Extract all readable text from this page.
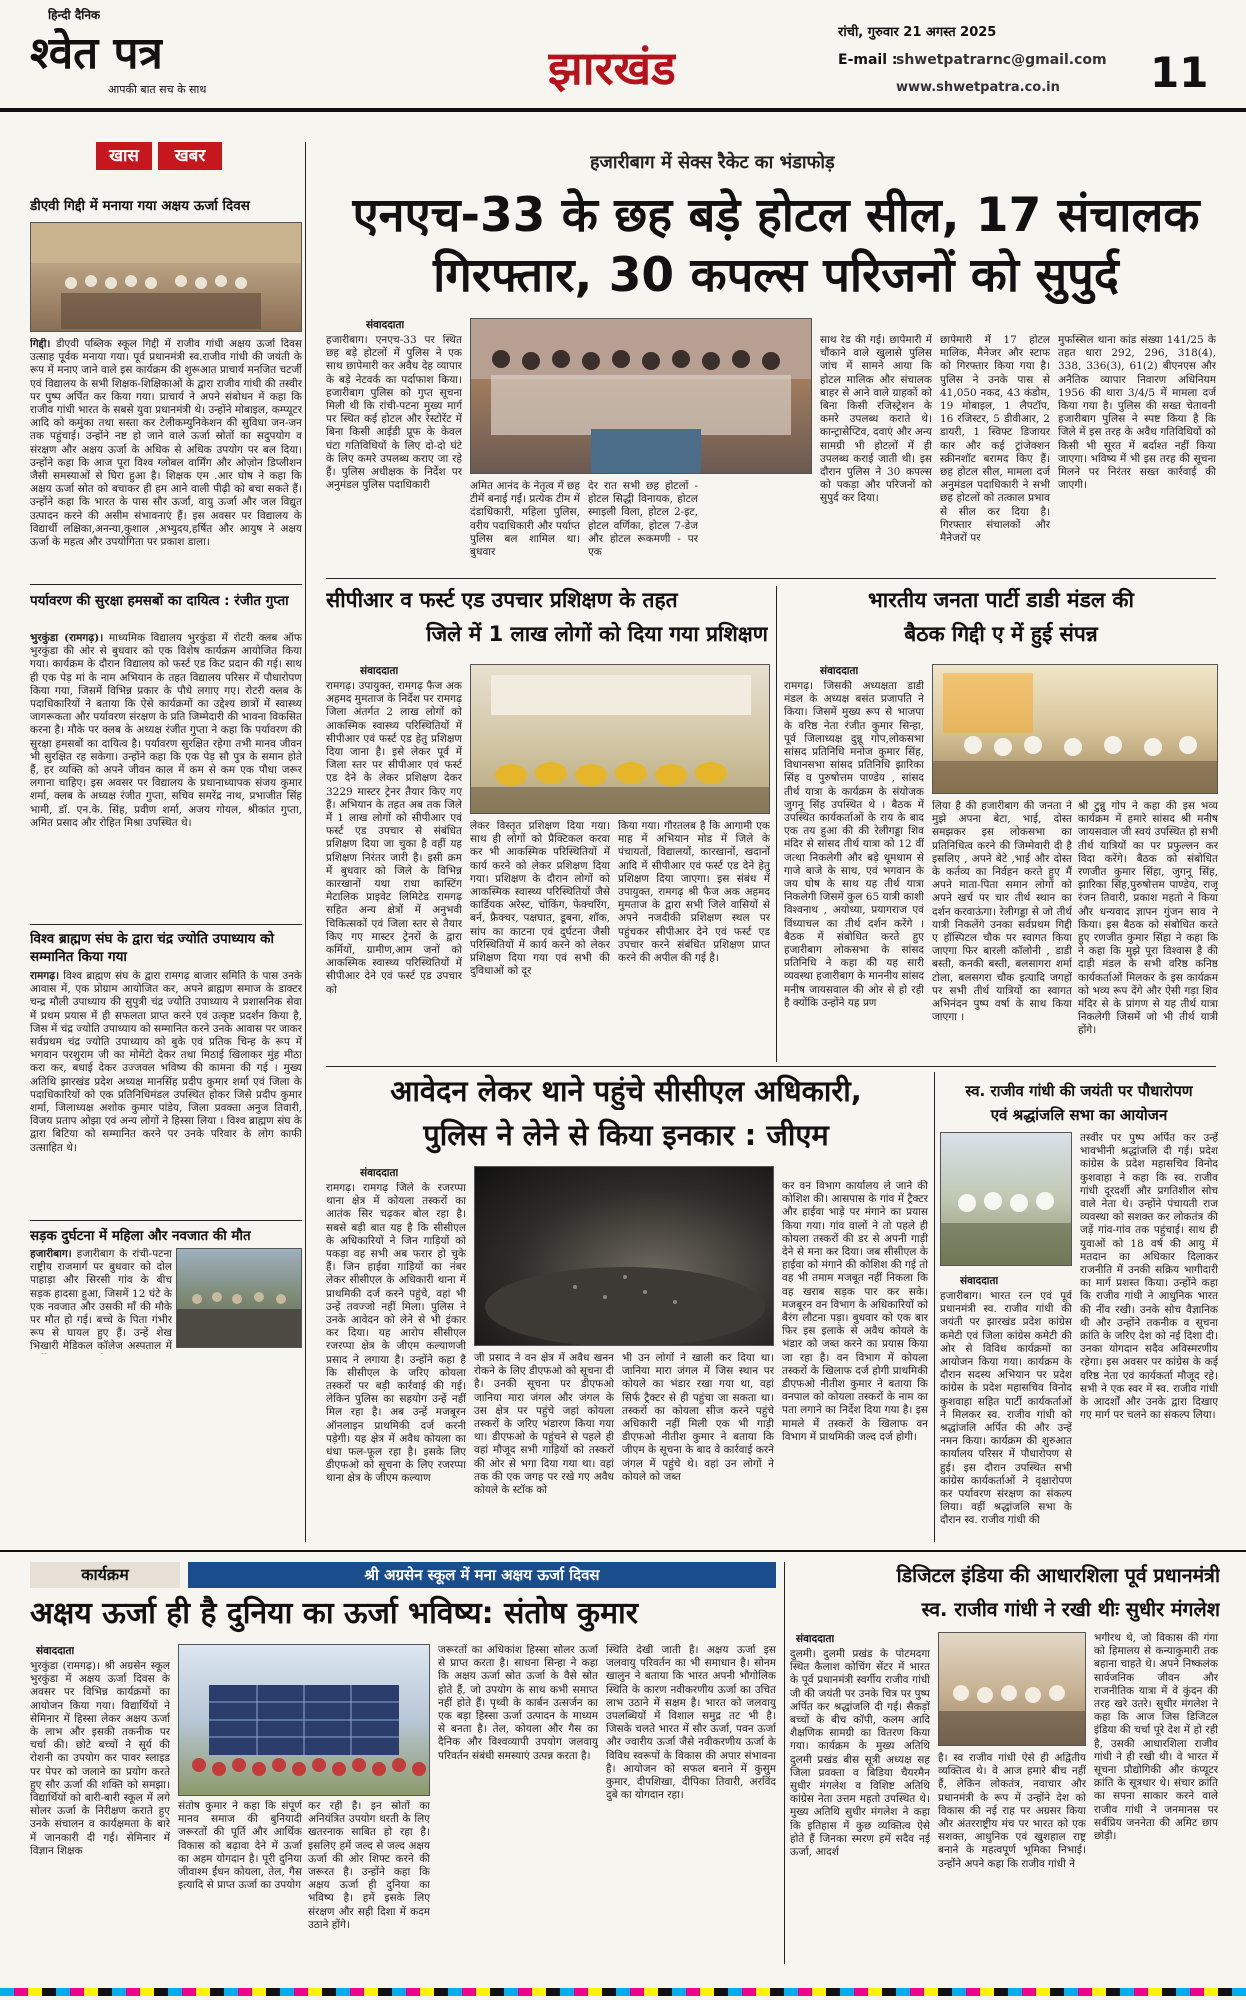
हिन्दी दैनिक
श्वेत पत्र
आपकी बात सच के साथ	झारखंड
रांची, गुरुवार 21 अगस्त 2025
E-mail :
shwetpatrarnc@gmail.com
www.shwetpatra.co.in 11
खास	खबर
डीएवी गिद्दी में मनाया गया अक्षय ऊर्जा दिवस
गिद्दी। डीएवी पब्लिक स्कूल गिद्दी में राजीव गांधी अक्षय ऊर्जा दिवस उत्साह पूर्वक मनाया गया। पूर्व प्रधानमंत्री स्व.राजीव गांधी की जयंती के रूप में मनाए जाने वाले इस कार्यक्रम की शुरूआत प्राचार्य मनजित चटर्जी एवं विद्यालय के सभी शिक्षक-शिक्षिकाओं के द्वारा राजीव गांधी की तस्वीर पर पुष्प अर्पित कर किया गया। प्राचार्य ने अपने संबोधन में कहा कि राजीव गांधी भारत के सबसे युवा प्रधानमंत्री थे। उन्होंने मोबाइल, कम्प्यूटर आदि को कमुंका तथा सस्ता कर टेलीकम्युनिकेशन की सुविधा जन-जन तक पहुंचाई। उन्होंने नष्ट हो जाने वाले ऊर्जा स्रोतों का सदुपयोग व संरक्षण और अक्षय ऊर्जा के अधिक से अधिक उपयोग पर बल दिया। उन्होंने कहा कि आज पूरा विश्व ग्लोबल वार्मिंग और ओज़ोन डिप्लीशन जैसी समस्याओं से घिरा हुआ है। शिक्षक एम .आर घोष ने कहा कि अक्षय ऊर्जा स्रोत को बचाकर ही हम आने वाली पीढ़ी को बचा सकते हैं। उन्होंने कहा कि भारत के पास सौर ऊर्जा, वायु ऊर्जा और जल विद्युत उत्पादन करने की असीम संभावनाएं हैं। इस अवसर पर विद्यालय के विद्यार्थी लक्षिका,अनन्या,कुशाल ,अभ्युदय,हर्षित और आयुष ने अक्षय ऊर्जा के महत्व और उपयोगिता पर प्रकाश डाला।
पर्यावरण की सुरक्षा हमसबों का दायित्व : रंजीत गुप्ता
भुरकुंडा (रामगढ़)। माध्यमिक विद्यालय भुरकुंडा में रोटरी क्लब ऑफ भुरकुंडा की ओर से बुधवार को एक विशेष कार्यक्रम आयोजित किया गया। कार्यक्रम के दौरान विद्यालय को फर्स्ट एड किट प्रदान की गई। साथ ही एक पेड़ मां के नाम अभियान के तहत विद्यालय परिसर में पौधारोपण किया गया, जिसमें विभिन्न प्रकार के पौधे लगाए गए। रोटरी क्लब के पदाधिकारियों ने बताया कि ऐसे कार्यक्रमों का उद्देश्य छात्रों में स्वास्थ्य जागरूकता और पर्यावरण संरक्षण के प्रति जिम्मेदारी की भावना विकसित करना है। मौके पर क्लब के अध्यक्ष रंजीत गुप्ता ने कहा कि पर्यावरण की सुरक्षा हमसबों का दायित्व है। पर्यावरण सुरक्षित रहेगा तभी मानव जीवन भी सुरक्षित रह सकेगा। उन्होंने कहा कि एक पेड़ सौ पुत्र के समान होते हैं, हर व्यक्ति को अपने जीवन काल में कम से कम एक पौधा जरूर लगाना चाहिए। इस अवसर पर विद्यालय के प्रधानाध्यापक संजय कुमार शर्मा, क्लब के अध्यक्ष रंजीत गुप्ता, सचिव समरेंद्र नाथ, प्रभाजीत सिंह भामी, डॉ. एन.के. सिंह, प्रवीण शर्मा, अजय गोयल, श्रीकांत गुप्ता, अमित प्रसाद और रोहित मिश्रा उपस्थित थे।
विश्व ब्राह्मण संघ के द्वारा चंद्र ज्योति उपाध्याय को सम्मानित किया गया
रामगढ़। विश्व ब्राह्मण संघ के द्वारा रामगढ़ बाजार समिति के पास उनके आवास में, एक प्रोग्राम आयोजित कर, अपने ब्राह्मण समाज के डाक्टर चन्द्र मौली उपाध्याय की सुपुत्री चंद्र ज्योति उपाध्याय ने प्रशासनिक सेवा में प्रथम प्रयास में ही सफलता प्राप्त करने एवं उत्कृष्ट प्रदर्शन किया है, जिस में चंद्र ज्योति उपाध्याय को सम्मानित करने उनके आवास पर जाकर सर्वप्रथम चंद्र ज्योति उपाध्याय को बुके एवं प्रतिक चिन्ह के रूप में भगवान परशुराम जी का मोमेंटो देकर तथा मिठाई खिलाकर मुंह मीठा करा कर, बधाई देकर उज्जवल भविष्य की कामना की गई । मुख्य अतिथि झारखंड प्रदेश अध्यक्ष मानसिंह प्रदीप कुमार शर्मा एवं जिला के पदाधिकारियों को एक प्रतिनिधिमंडल उपस्थित होकर जिसे प्रदीप कुमार शर्मा, जिलाध्यक्ष अशोक कुमार पांडेय, जिला प्रवक्ता अनुज तिवारी, विजय प्रताप ओझा एवं अन्य लोगों ने हिस्सा लिया । विश्व ब्राह्मण संघ के द्वारा बिटिया को सम्मानित करने पर उनके परिवार के लोग काफी उत्साहित थे।
सड़क दुर्घटना में महिला और नवजात की मौत
हजारीबाग। हजारीबाग के रांची-पटना राष्ट्रीय राजमार्ग पर बुधवार को दोल पाहाड़ा और सिरसी गांव के बीच सड़क हादसा हुआ, जिसमें 12 घंटे के एक नवजात और उसकी माँ की मौके पर मौत हो गई। बच्चे के पिता गंभीर रूप से घायल हुए हैं। उन्हें शेख भिखारी मेडिकल कॉलेज अस्पताल में
हजारीबाग में सेक्स रैकेट का भंडाफोड़
एनएच-33 के छह बड़े होटल सील, 17 संचालक
गिरफ्तार, 30 कपल्स परिजनों को सुपुर्द
संवाददाता
हजारीबाग। एनएच-33 पर स्थित छह बड़े होटलों में पुलिस ने एक साथ छापेमारी कर अवैध देह व्यापार के बड़े नेटवर्क का पर्दाफाश किया। हजारीबाग पुलिस को गुप्त सूचना मिली थी कि रांची-पटना मुख्य मार्ग पर स्थित कई होटल और रेस्टोरेंट में बिना किसी आईडी प्रूफ के केवल घंटा गतिविधियों के लिए दो-दो घंटे के लिए कमरे उपलब्ध कराए जा रहे हैं। पुलिस अधीक्षक के निर्देश पर अनुमंडल पुलिस पदाधिकारी	अमित आनंद के नेतृत्व में छह टीमें बनाई गईं। प्रत्येक टीम में दंडाधिकारी, महिला पुलिस, वरीय पदाधिकारी और पर्याप्त पुलिस बल शामिल था। बुधवार
देर रात सभी छह होटलों - होटल सिद्धी विनायक, होटल स्माइली विला, होटल 2-इट, होटल वर्णिका, होटल 7-डेज और होटल रूकमणी - पर एक
साथ रेड की गई। छापेमारी में चौंकाने वाले खुलासे पुलिस जांच में सामने आया कि होटल मालिक और संचालक बाहर से आने वाले ग्राहकों को बिना किसी रजिस्ट्रेशन के कमरे उपलब्ध कराते थे। कान्ट्रासेप्टिव, दवाएं और अन्य सामग्री भी होटलों में ही उपलब्ध कराई जाती थी। इस दौरान पुलिस ने 30 कपल्स को पकड़ा और परिजनों को सुपुर्द कर दिया।
छापेमारी में 17 होटल मालिक, मैनेजर और स्टाफ को गिरफ्तार किया गया है। पुलिस ने उनके पास से 41,050 नकद, 43 कंडोम, 19 मोबाइल, 1 लैपटॉप, 16 रजिस्टर, 5 डीवीआर, 2 डायरी, 1 स्विफ्ट डिजायर कार और कई ट्रांजेक्शन स्क्रीनशॉट बरामद किए हैं। छह होटल सील, मामला दर्ज अनुमंडल पदाधिकारी ने सभी छह होटलों को तत्काल प्रभाव से सील कर दिया है। गिरफ्तार संचालकों और मैनेजरों पर
मुफस्सिल थाना कांड संख्या 141/25 के तहत धारा 292, 296, 318(4), 338, 336(3), 61(2) बीएनएस और अनैतिक व्यापार निवारण अधिनियम 1956 की धारा 3/4/5 में मामला दर्ज किया गया है। पुलिस की सख्त चेतावनी हजारीबाग पुलिस ने स्पष्ट किया है कि जिले में इस तरह के अवैध गतिविधियों को किसी भी सूरत में बर्दाश्त नहीं किया जाएगा। भविष्य में भी इस तरह की सूचना मिलने पर निरंतर सख्त कार्रवाई की जाएगी।
सीपीआर व फर्स्ट एड उपचार प्रशिक्षण के तहत
जिले में 1 लाख लोगों को दिया गया प्रशिक्षण
संवाददाता
रामगढ़। उपायुक्त, रामगढ़ फैज अक अहमद मुमताज के निर्देश पर रामगढ़ जिला अंतर्गत 2 लाख लोगों को आकस्मिक स्वास्थ्य परिस्थितियों में सीपीआर एवं फर्स्ट एड हेतु प्रशिक्षण दिया जाना है। इसे लेकर पूर्व में जिला स्तर पर सीपीआर एवं फर्स्ट एड देने के लेकर प्रशिक्षण देकर 3229 मास्टर ट्रेनर तैयार किए गए हैं। अभियान के तहत अब तक जिले में 1 लाख लोगों को सीपीआर एवं फर्स्ट एड उपचार से संबंधित प्रशिक्षण दिया जा चुका है वहीं यह प्रशिक्षण निरंतर जारी है। इसी क्रम में बुधवार को जिले के विभिन्न कारखानों यथा राधा कास्टिंग मेटालिक प्राइवेट लिमिटेड रामगढ़ सहित अन्य क्षेत्रों में अनुभवी चिकित्सकों एवं जिला स्तर से तैयार किए गए मास्टर ट्रेनरों के द्वारा कर्मियों, ग्रामीण,आम जनों को आकस्मिक स्वास्थ्य परिस्थितियों में सीपीआर देने एवं फर्स्ट एड उपचार को
लेकर विस्तृत प्रशिक्षण दिया गया। साथ ही लोगों को प्रैक्टिकल करवा कर भी आकस्मिक परिस्थितियों में कार्य करने को लेकर प्रशिक्षण दिया गया। प्रशिक्षण के दौरान लोगों को आकस्मिक स्वास्थ्य परिस्थितियों जैसे कार्डियक अरेस्ट, चोकिंग, फेक्चरिंग, बर्न, फ्रैक्चर, पक्षघात, डूबना, शॉक, सांप का काटना एवं दुर्घटना जैसी परिस्थितियों में कार्य करने को लेकर प्रशिक्षण दिया गया एवं सभी की दुविधाओं को दूर
किया गया। गौरतलब है कि आगामी एक माह में अभियान मोड में जिले के पंचायतों, विद्यालयों, कारखानों, खदानों आदि में सीपीआर एवं फर्स्ट एड देने हेतु प्रशिक्षण दिया जाएगा। इस संबंध में उपायुक्त, रामगढ़ श्री फैज अक अहमद मुमताज के द्वारा सभी जिले वासियों से अपने नजदीकी प्रशिक्षण स्थल पर पहुंचकर सीपीआर देने एवं फर्स्ट एड उपचार करने संबंधित प्रशिक्षण प्राप्त करने की अपील की गई है।
भारतीय जनता पार्टी डाडी मंडल की
बैठक गिद्दी ए में हुई संपन्न
संवाददाता
रामगढ़। जिसकी अध्यक्षता डाडी मंडल के अध्यक्ष बसंत प्रजापति ने किया। जिसमें मुख्य रूप से भाजपा के वरिष्ठ नेता रंजीत कुमार सिन्हा, पूर्व जिलाध्यक्ष दुन्नू गोप,लोकसभा सांसद प्रतिनिधि मनोज कुमार सिंह, विधानसभा सांसद प्रतिनिधि झारिका सिंह व पुरुषोत्तम पाण्डेय , सांसद तीर्थ यात्रा के कार्यक्रम के संयोजक जुगनू सिंह उपस्थित थे । बैठक में उपस्थित कार्यकर्ताओं के राय के बाद एक तय हुआ की की रेलीगड्डा शिव मंदिर से सांसद तीर्थ यात्रा को 12 वीं जत्था निकलेगी और बड़े धूमधाम से गाजे बाजे के साथ, एवं भगवान के जय घोष के साथ यह तीर्थ यात्रा निकलेगी जिसमें कुल 65 यात्री काशी विश्वनाथ , अयोध्या, प्रयागराज एवं विंध्याचल का तीर्थ दर्शन करेंगे । बैठक में संबोधित करते हुए हजारीबाग लोकसभा के सांसद प्रतिनिधि ने कहा की यह सारी व्यवस्था हजारीबाग के माननीय सांसद मनीष जायसवाल की ओर से हो रही है क्योंकि उन्होंने यह प्रण
लिया है की हजारीबाग की जनता ने मुझे अपना बेटा, भाई, दोस्त समझकर इस लोकसभा का प्रतिनिधित्व करने की जिम्मेवारी दी है इसलिए , अपने बेटे ,भाई और दोस्त के कर्तव्य का निर्वहन करते हुए मैं अपने माता-पिता समान लोगों को अपने खर्च पर चार तीर्थ स्थान का दर्शन करवाऊंगा। रेलीगड्डा से जो तीर्थ यात्री निकलेंगे उनका सर्वप्रथम गिद्दी ए हॉस्पिटल चौक पर स्वागत किया जाएगा फिर बारली कॉलोनी , डाडी बस्ती, कनकी बस्ती, बलसागरा शर्मा टोला, बलसगरा चौक इत्यादि जगहों पर सभी तीर्थ यात्रियों का स्वागत अभिनंदन पुष्प वर्षा के साथ किया जाएगा ।
श्री टुन्नु गोप ने कहा की इस भव्य कार्यक्रम में हमारे सांसद श्री मनीष जायसवाल जी स्वयं उपस्थित हो सभी तीर्थ यात्रियों का पर प्रफुल्लन कर विदा करेंगे। बैठक को संबोधित रणजीत कुमार सिंहा, जुगनू सिंह, झारिका सिंह,पुरुषोत्तम पाण्डेय, राजू रंजन तिवारी, प्रकाश महतो ने किया और धन्यवाद ज्ञापन गुंजन साव ने किया। इस बैठक को संबोधित करते हुए रणजीत कुमार सिंहा ने कहा कि ने कहा कि मुझे पूरा विश्वास है की दाड़ी मंडल के सभी वरिष्ठ कनिष्ठ कार्यकर्ताओं मिलकर के इस कार्यक्रम को भव्य रूप देंगे और ऐसी गड़ा शिव मंदिर से के प्रांगण से यह तीर्थ यात्रा निकलेगी जिसमें जो भी तीर्थ यात्री होंगे।
आवेदन लेकर थाने पहुंचे सीसीएल अधिकारी,
पुलिस ने लेने से किया इनकार : जीएम
संवाददाता
रामगढ़। रामगढ़ जिले के रजरप्पा थाना क्षेत्र में कोयला तस्करों का आतंक सिर चढ़कर बोल रहा है। सबसे बड़ी बात यह है कि सीसीएल के अधिकारियों ने जिन गाड़ियों को पकड़ा वह सभी अब फरार हो चुके हैं। जिन हाईवा गाड़ियों का नंबर लेकर सीसीएल के अधिकारी थाना में प्राथमिकी दर्ज करने पहुंचे, वहां भी उन्हें तवज्जो नहीं मिला। पुलिस ने उनके आवेदन को लेने से भी इंकार कर दिया। यह आरोप सीसीएल रजरप्पा क्षेत्र के जीएम कल्याणजी प्रसाद ने लगाया है। उन्होंने कहा है कि सीसीएल के जरिए कोयला तस्करों पर बड़ी कार्रवाई की गई। लेकिन पुलिस का सहयोग उन्हें नहीं मिल रहा है। अब उन्हें मजबूरन ऑनलाइन प्राथमिकी दर्ज करनी पड़ेगी। यह क्षेत्र में अवैध कोयला का धंधा फल-फूल रहा है। इसके लिए डीएफओ को सूचना के लिए रजरप्पा थाना क्षेत्र के जीएम कल्याण
जी प्रसाद ने वन क्षेत्र में अवैध खनन रोकने के लिए डीएफओ को सूचना दी है। उनकी सूचना पर डीएफओ जानिया मारा जंगल और जंगल के उस क्षेत्र पर पहुंचे जहां कोयला तस्करों के जरिए भंडारण किया गया था। डीएफओ के पहुंचने से पहले ही वहां मौजूद सभी गाड़ियों को तस्करों की ओर से भगा दिया गया था। वहां तक की एक जगह पर रखे गए अवैध कोयले के स्टॉक को
भी उन लोगों ने खाली कर दिया था। जानिया मारा जंगल में जिस स्थान पर कोयले का भंडार रखा गया था, वहां सिर्फ ट्रैक्टर से ही पहुंचा जा सकता था। तस्करों का कोयला सीज करने पहुंचे अधिकारी नहीं मिली एक भी गाड़ी डीएफओ नीतीश कुमार ने बताया कि जीएम के सूचना के बाद वे कार्रवाई करने जंगल में पहुंचे थे। वहां उन लोगों ने कोयले को जब्त
कर वन विभाग कार्यालय ले जाने की कोशिश की। आसपास के गांव में ट्रैक्टर और हाईवा भाड़े पर मंगाने का प्रयास किया गया। गांव वालों ने तो पहले ही कोयला तस्करों की डर से अपनी गाड़ी देने से मना कर दिया। जब सीसीएल के हाईवा को मंगाने की कोशिश की गई तो वह भी तमाम मजबूत नहीं निकला कि वह खराब सड़क पार कर सके। मजबूरन वन विभाग के अधिकारियों को बैरंग लौटना पड़ा। बुधवार को एक बार फिर इस इलाके से अवैध कोयले के भंडार को जब्त करने का प्रयास किया जा रहा है। वन विभाग में कोयला तस्करों के खिलाफ दर्ज होगी प्राथमिकी डीएफओ नीतीश कुमार ने बताया कि वनपाल को कोयला तस्करों के नाम का पता लगाने का निर्देश दिया गया है। इस मामले में तस्करों के खिलाफ वन विभाग में प्राथमिकी जल्द दर्ज होगी।
स्व. राजीव गांधी की जयंती पर पौधारोपण
एवं श्रद्धांजलि सभा का आयोजन
संवाददाता
हजारीबाग। भारत रत्न एवं पूर्व प्रधानमंत्री स्व. राजीव गांधी की जयंती पर झारखंड प्रदेश कांग्रेस कमेटी एवं जिला कांग्रेस कमेटी की ओर से विविध कार्यक्रमों का आयोजन किया गया। कार्यक्रम के दौरान सदस्य अभियान पर प्रदेश कांग्रेस के प्रदेश महासचिव विनोद कुशवाहा सहित पार्टी कार्यकर्ताओं ने मिलकर स्व. राजीव गांधी को श्रद्धांजलि अर्पित की और उन्हें नमन किया। कार्यक्रम की शुरुआत कार्यालय परिसर में पौधारोपण से हुई। इस दौरान उपस्थित सभी कांग्रेस कार्यकर्ताओं ने वृक्षारोपण कर पर्यावरण संरक्षण का संकल्प लिया। वहीं श्रद्धांजलि सभा के दौरान स्व. राजीव गांधी की
तस्वीर पर पुष्प अर्पित कर उन्हें भावभीनी श्रद्धांजलि दी गई। प्रदेश कांग्रेस के प्रदेश महासचिव विनोद कुशवाहा ने कहा कि स्व. राजीव गांधी दूरदर्शी और प्रगतिशील सोच वाले नेता थे। उन्होंने पंचायती राज व्यवस्था को सशक्त कर लोकतंत्र की जड़ें गांव-गांव तक पहुंचाई। साथ ही युवाओं को 18 वर्ष की आयु में मतदान का अधिकार दिलाकर राजनीति में उनकी सक्रिय भागीदारी का मार्ग प्रशस्त किया। उन्होंने कहा कि राजीव गांधी ने आधुनिक भारत की नींव रखी। उनके सोच वैज्ञानिक थी और उन्होंने तकनीक व सूचना क्रांति के जरिए देश को नई दिशा दी। उनका योगदान सदैव अविस्मरणीय रहेगा। इस अवसर पर कांग्रेस के कई वरिष्ठ नेता एवं कार्यकर्ता मौजूद रहे। सभी ने एक स्वर में स्व. राजीव गांधी के आदर्शों और उनके द्वारा दिखाए गए मार्ग पर चलने का संकल्प लिया।
कार्यक्रम	श्री अग्रसेन स्कूल में मना अक्षय ऊर्जा दिवस
अक्षय ऊर्जा ही है दुनिया का ऊर्जा भविष्य: संतोष कुमार
संवाददाता
भुरकुंडा (रामगढ़)। श्री अग्रसेन स्कूल भुरकुंडा में अक्षय ऊर्जा दिवस के अवसर पर विभिन्न कार्यक्रमों का आयोजन किया गया। विद्यार्थियों ने सेमिनार में हिस्सा लेकर अक्षय ऊर्जा के लाभ और इसकी तकनीक पर चर्चा की। छोटे बच्चों ने सूर्य की रोशनी का उपयोग कर पावर स्लाइड पर पेपर को जलाने का प्रयोग करते हुए सौर ऊर्जा की शक्ति को समझा। विद्यार्थियों को बारी-बारी स्कूल में लगे सोलर ऊर्जा के निरीक्षण कराते हुए उनके संचालन व कार्यक्षमता के बारे में जानकारी दी गई। सेमिनार में विज्ञान शिक्षक
संतोष कुमार ने कहा कि संपूर्ण मानव समाज की बुनियादी जरूरतों की पूर्ति और आर्थिक विकास को बढ़ावा देने में ऊर्जा का अहम योगदान है। पूरी दुनिया जीवाश्म ईंधन कोयला, तेल, गैस इत्यादि से प्राप्त ऊर्जा का उपयोग
कर रही है। इन स्रोतों का अनियंत्रित उपयोग धरती के लिए खतरनाक साबित हो रहा है। इसलिए हमें जल्द से जल्द अक्षय ऊर्जा की ओर शिफ्ट करने की जरूरत है। उन्होंने कहा कि अक्षय ऊर्जा ही दुनिया का भविष्य है। हमें इसके लिए संरक्षण और सही दिशा में कदम उठाने होंगे।
जरूरतों का अधिकांश हिस्सा सोलर ऊर्जा से प्राप्त करता है। साधना सिन्हा ने कहा कि अक्षय ऊर्जा स्रोत ऊर्जा के वैसे स्रोत होते हैं, जो उपयोग के साथ कभी समाप्त नहीं होते हैं। पृथ्वी के कार्बन उत्सर्जन का एक बड़ा हिस्सा ऊर्जा उत्पादन के माध्यम से बनता है। तेल, कोयला और गैस का दैनिक और विश्वव्यापी उपयोग जलवायु परिवर्तन संबंधी समस्याएं उत्पन्न करता है।
स्थिति देखी जाती है। अक्षय ऊर्जा इस जलवायु परिवर्तन का भी समाधान है। सोनम खालुन ने बताया कि भारत अपनी भौगोलिक स्थिति के कारण नवीकरणीय ऊर्जा का उचित लाभ उठाने में सक्षम है। भारत को जलवायु उपलब्धियों में विशाल समुद्र तट भी है। जिसके चलते भारत में सौर ऊर्जा, पवन ऊर्जा और ज्वारीय ऊर्जा जैसे नवीकरणीय ऊर्जा के विविध स्वरूपों के विकास की अपार संभावना है। आयोजन को सफल बनाने में कुसुम कुमार, दीपशिखा, दीपिका तिवारी, अरविंद दुबे का योगदान रहा।
डिजिटल इंडिया की आधारशिला पूर्व प्रधानमंत्री
स्व. राजीव गांधी ने रखी थीः सुधीर मंगलेश
संवाददाता
दुलमी। दुलमी प्रखंड के पोटमदगा स्थित कैलाश कोचिंग सेंटर में भारत के पूर्व प्रधानमंत्री स्वर्गीय राजीव गांधी जी की जयंती पर उनके चित्र पर पुष्प अर्पित कर श्रद्धांजलि दी गई। सैकड़ों बच्चों के बीच कॉपी, कलम आदि शैक्षणिक सामग्री का वितरण किया गया। कार्यक्रम के मुख्य अतिथि दुलमी प्रखंड बीस सूत्री अध्यक्ष सह जिला प्रवक्ता व बिडिया चैयरमैन सुधीर मंगलेश व विशिष्ट अतिथि कांग्रेस नेता उत्तम महतो उपस्थित थे। मुख्य अतिथि सुधीर मंगलेश ने कहा कि इतिहास में कुछ व्यक्तित्व ऐसे होते हैं जिनका स्मरण हमें सदैव नई ऊर्जा, आदर्श
है। स्व राजीव गांधी ऐसे ही अद्वितीय व्यक्तित्व थे। वे आज हमारे बीच नहीं हैं, लेकिन लोकतंत्र, नवाचार और प्रधानमंत्री के रूप में उन्होंने देश को विकास की नई राह पर अग्रसर किया और अंतरराष्ट्रीय मंच पर भारत को एक सशक्त, आधुनिक एवं खुशहाल राष्ट्र बनाने के महत्वपूर्ण भूमिका निभाई। उन्होंने अपने कहा कि राजीव गांधी ने
भगीरथ थे, जो विकास की गंगा को हिमालय से कन्याकुमारी तक बहाना चाहते थे। अपने निष्कलंक सार्वजनिक जीवन और राजनीतिक यात्रा में वे कुंदन की तरह खरे उतरे। सुधीर मंगलेश ने कहा कि आज जिस डिजिटल इंडिया की चर्चा पूरे देश में हो रही है, उसकी आधारशिला राजीव गांधी ने ही रखी थी। वे भारत में सूचना प्रौद्योगिकी और कंप्यूटर क्रांति के सूत्रधार थे। संचार क्रांति का सपना साकार करने वाले राजीव गांधी ने जनमानस पर सर्वप्रिय जननेता की अमिट छाप छोड़ी।
